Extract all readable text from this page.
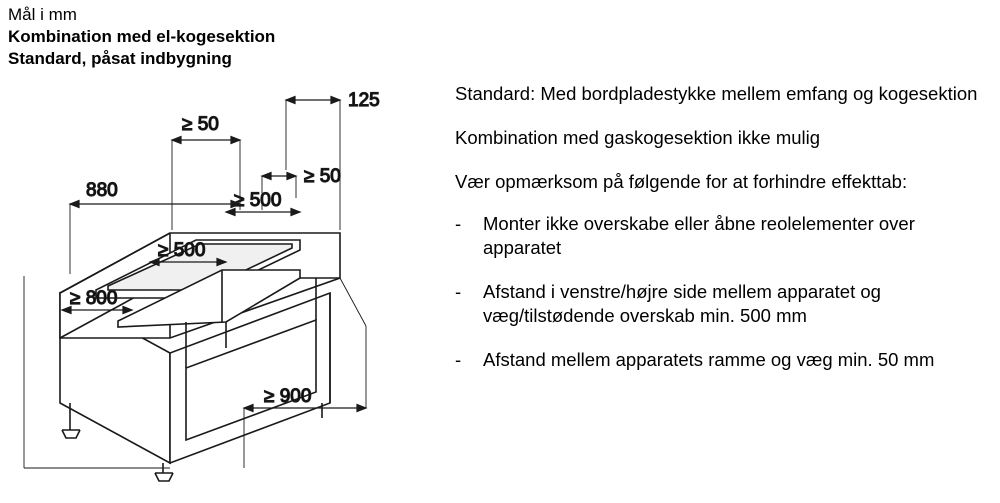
Mål i mm
Kombination med el-kogesektion
Standard, påsat indbygning
125
≥ 50
≥ 50
880	≥ 500
≥ 500
≥ 800
≥ 900

Standard: Med bordpladestykke mellem emfang og kogesektion

Kombination med gaskogesektion ikke mulig

Vær opmærksom på følgende for at forhindre effekttab:

-	Monter ikke overskabe eller åbne reolelementer over apparatet
-	Afstand i venstre/højre side mellem apparatet og væg/tilstødende overskab min. 500 mm
-	Afstand mellem apparatets ramme og væg min. 50 mm
